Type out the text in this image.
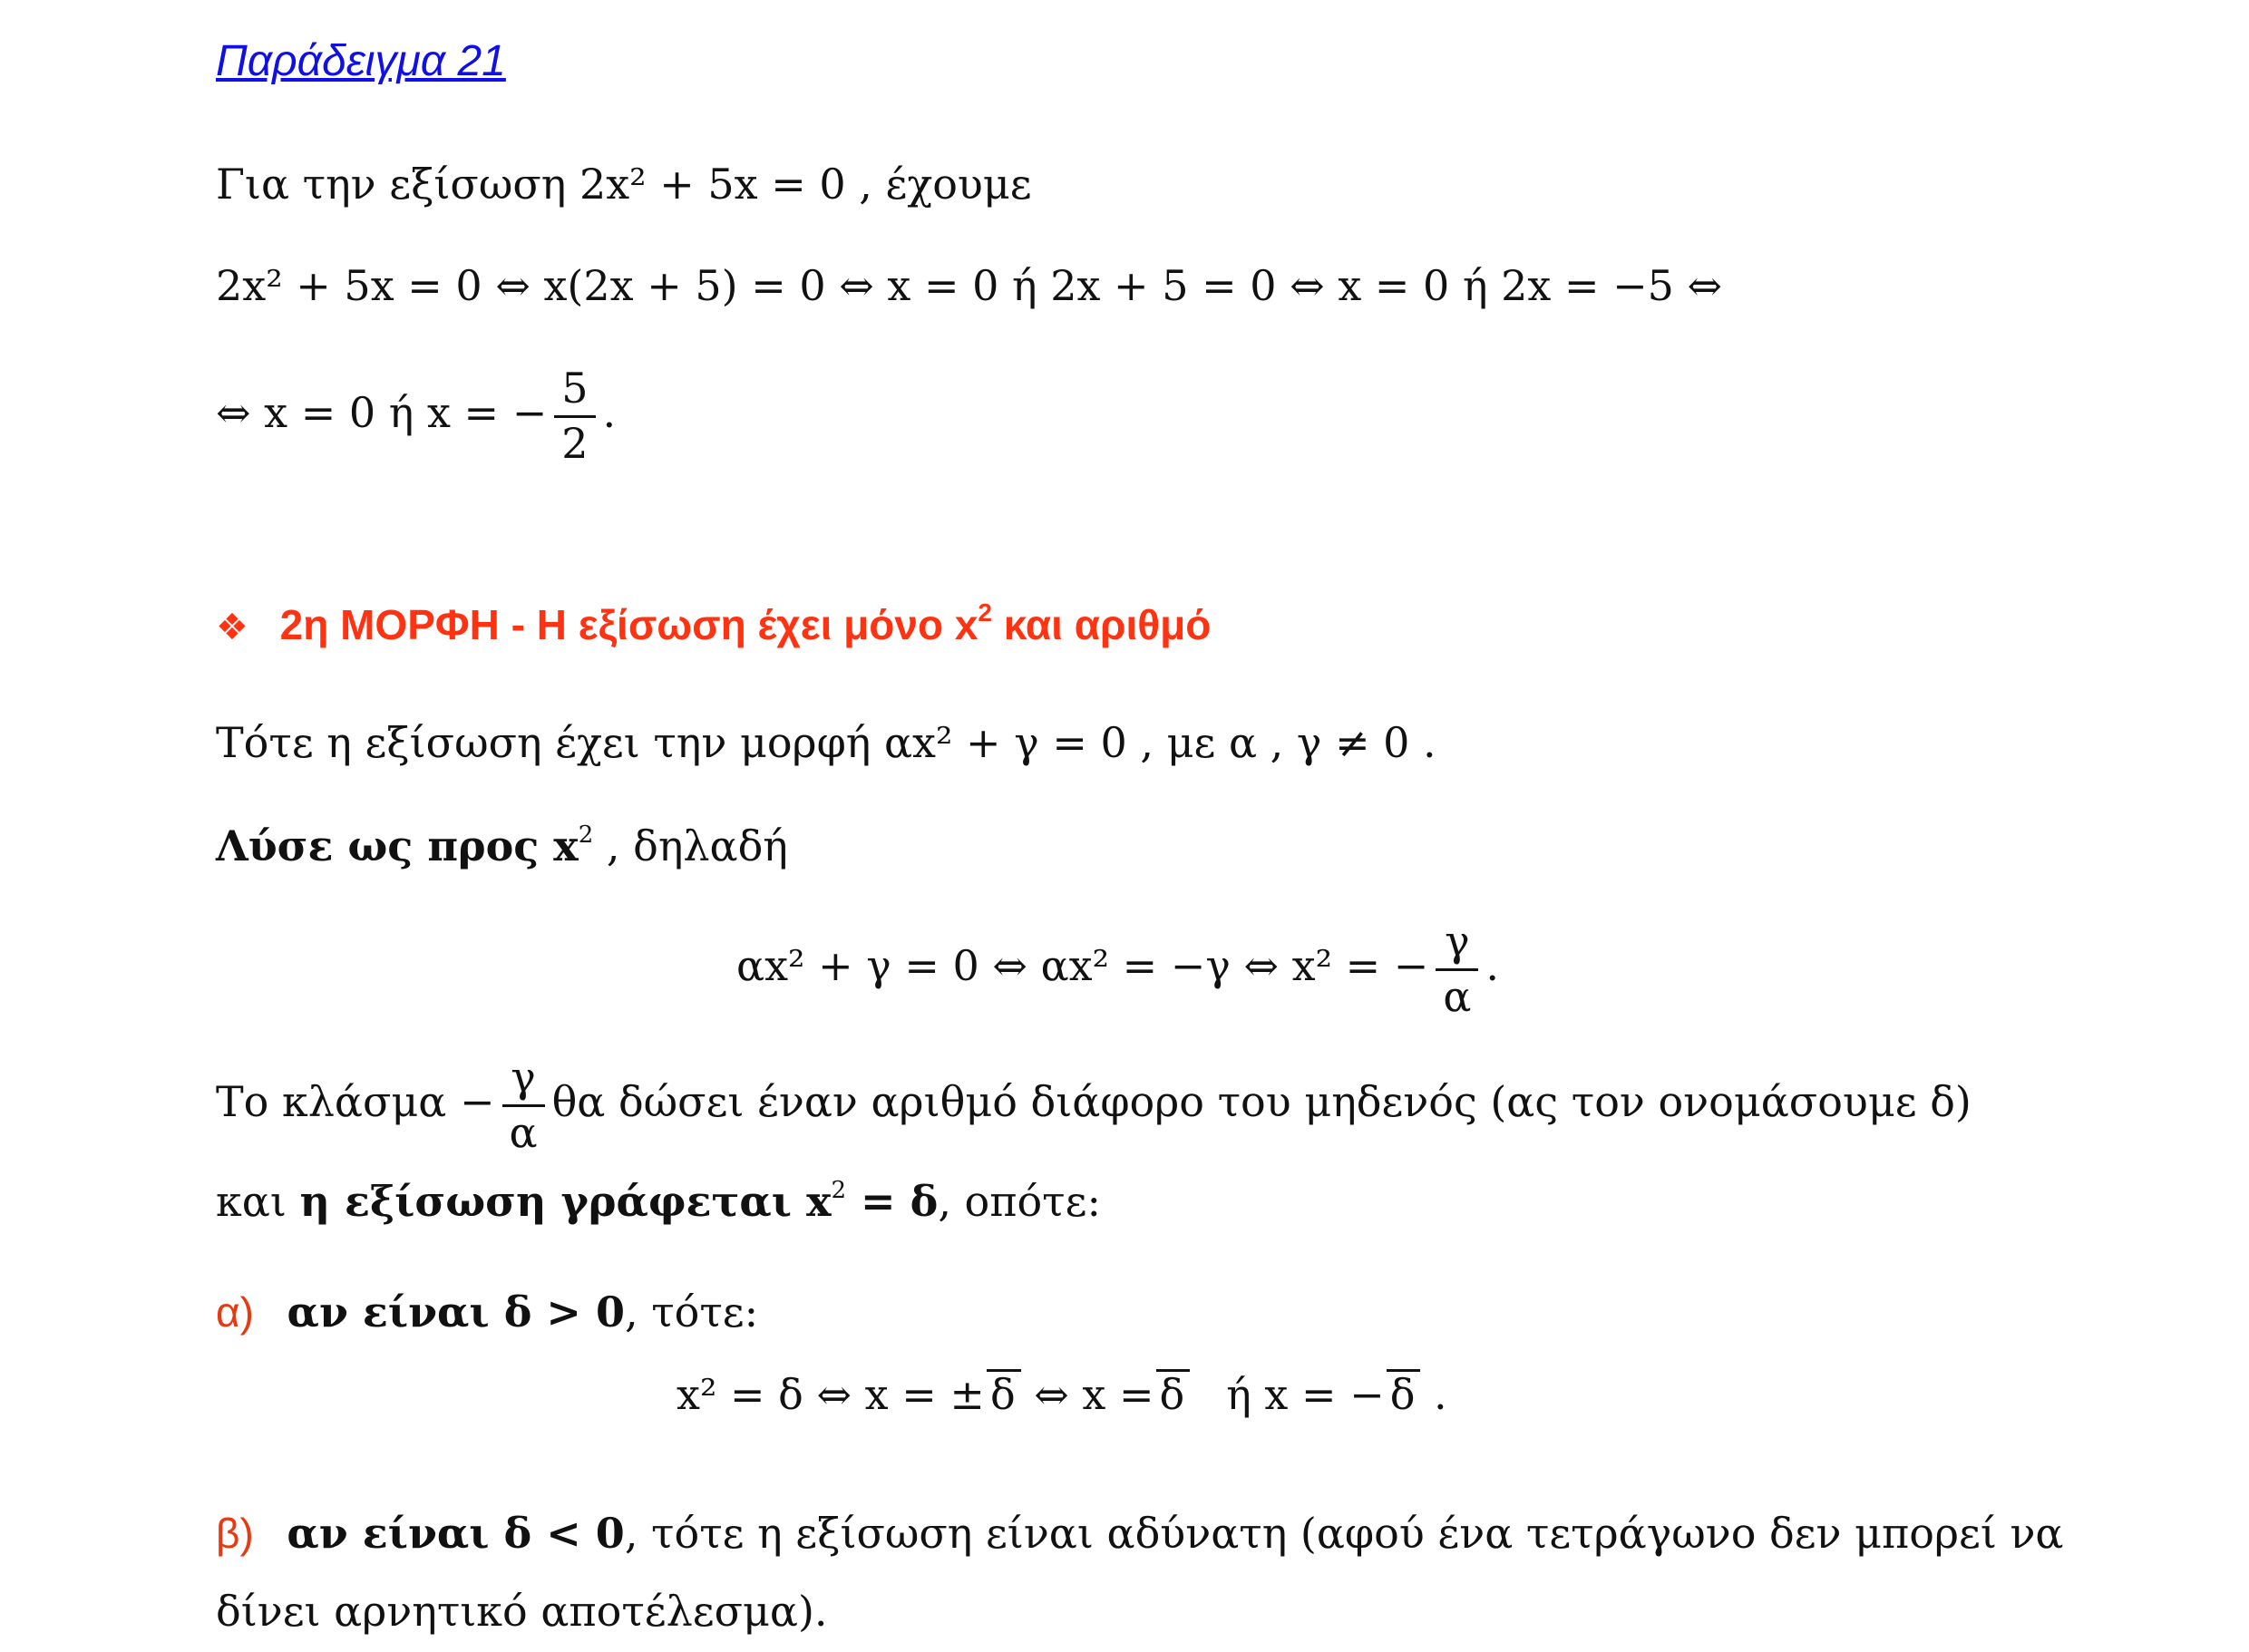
Παράδειγμα 21
Για την εξίσωση 2x² + 5x = 0 , έχουμε
2x² + 5x = 0 ⇔ x(2x + 5) = 0 ⇔ x = 0 ή 2x + 5 = 0 ⇔ x = 0 ή 2x = −5 ⇔
⇔ x = 0 ή x = − $\frac{5}{2}$ .
❖ 2η ΜΟΡΦΗ - Η εξίσωση έχει μόνο $x^2$ και αριθμό
Τότε η εξίσωση έχει την μορφή αx² + γ = 0 , με α , γ ≠ 0 .
Λύσε ως προς $x^2$ , δηλαδή
αx² + γ = 0 ⇔ αx² = −γ ⇔ x² = − $\frac{\gamma}{\alpha}$ .
Το $\kappa\lambda ά\sigma\mu\alpha - \frac{\gamma}{\alpha}$ θα δώσει έναν αριθμό διάφορο του μηδενός (ας τον ονομάσουμε δ)
και η εξίσωση γράφεται $x^2 = \delta$, οπότε:
α) αν είναι δ > 0, τότε:
x² = δ ⇔ x = ± δ ⇔ x = δ ή x = − δ .
β) αν είναι δ < 0, τότε η εξίσωση είναι αδύνατη (αφού ένα τετράγωνο δεν μπορεί να
δίνει αρνητικό αποτέλεσμα).
